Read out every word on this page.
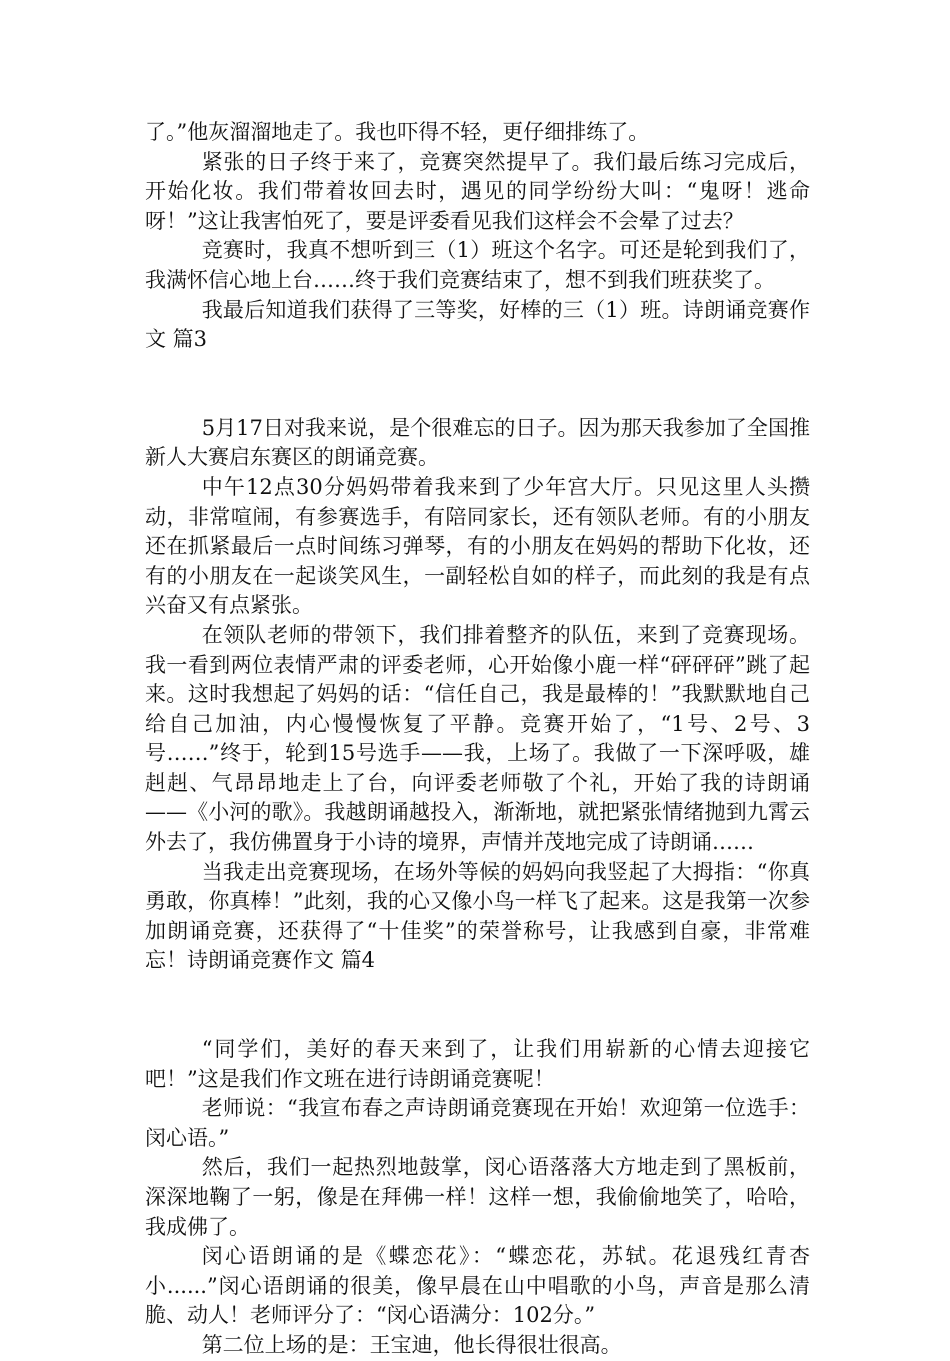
了。”他灰溜溜地走了。我也吓得不轻，更仔细排练了。

紧张的日子终于来了，竞赛突然提早了。我们最后练习完成后，开始化妆。我们带着妆回去时，遇见的同学纷纷大叫：“鬼呀！逃命呀！”这让我害怕死了，要是评委看见我们这样会不会晕了过去？

竞赛时，我真不想听到三（1）班这个名字。可还是轮到我们了，我满怀信心地上台……终于我们竞赛结束了，想不到我们班获奖了。

我最后知道我们获得了三等奖，好棒的三（1）班。诗朗诵竞赛作文 篇3

5月17日对我来说，是个很难忘的日子。因为那天我参加了全国推新人大赛启东赛区的朗诵竞赛。

中午12点30分妈妈带着我来到了少年宫大厅。只见这里人头攒动，非常喧闹，有参赛选手，有陪同家长，还有领队老师。有的小朋友还在抓紧最后一点时间练习弹琴，有的小朋友在妈妈的帮助下化妆，还有的小朋友在一起谈笑风生，一副轻松自如的样子，而此刻的我是有点兴奋又有点紧张。

在领队老师的带领下，我们排着整齐的队伍，来到了竞赛现场。我一看到两位表情严肃的评委老师，心开始像小鹿一样“砰砰砰”跳了起来。这时我想起了妈妈的话：“信任自己，我是最棒的！”我默默地自己给自己加油，内心慢慢恢复了平静。竞赛开始了，“1号、2号、3号……”终于，轮到15号选手——我，上场了。我做了一下深呼吸，雄赳赳、气昂昂地走上了台，向评委老师敬了个礼，开始了我的诗朗诵——《小河的歌》。我越朗诵越投入，渐渐地，就把紧张情绪抛到九霄云外去了，我仿佛置身于小诗的境界，声情并茂地完成了诗朗诵……

当我走出竞赛现场，在场外等候的妈妈向我竖起了大拇指：“你真勇敢，你真棒！”此刻，我的心又像小鸟一样飞了起来。这是我第一次参加朗诵竞赛，还获得了“十佳奖”的荣誉称号，让我感到自豪，非常难忘！诗朗诵竞赛作文 篇4

“同学们，美好的春天来到了，让我们用崭新的心情去迎接它吧！”这是我们作文班在进行诗朗诵竞赛呢！

老师说：“我宣布春之声诗朗诵竞赛现在开始！欢迎第一位选手：闵心语。”

然后，我们一起热烈地鼓掌，闵心语落落大方地走到了黑板前，深深地鞠了一躬，像是在拜佛一样！这样一想，我偷偷地笑了，哈哈，我成佛了。

闵心语朗诵的是《蝶恋花》：“蝶恋花，苏轼。花退残红青杏小......”闵心语朗诵的很美，像早晨在山中唱歌的小鸟，声音是那么清脆、动人！老师评分了：“闵心语满分：102分。”

第二位上场的是：王宝迪，他长得很壮很高。
